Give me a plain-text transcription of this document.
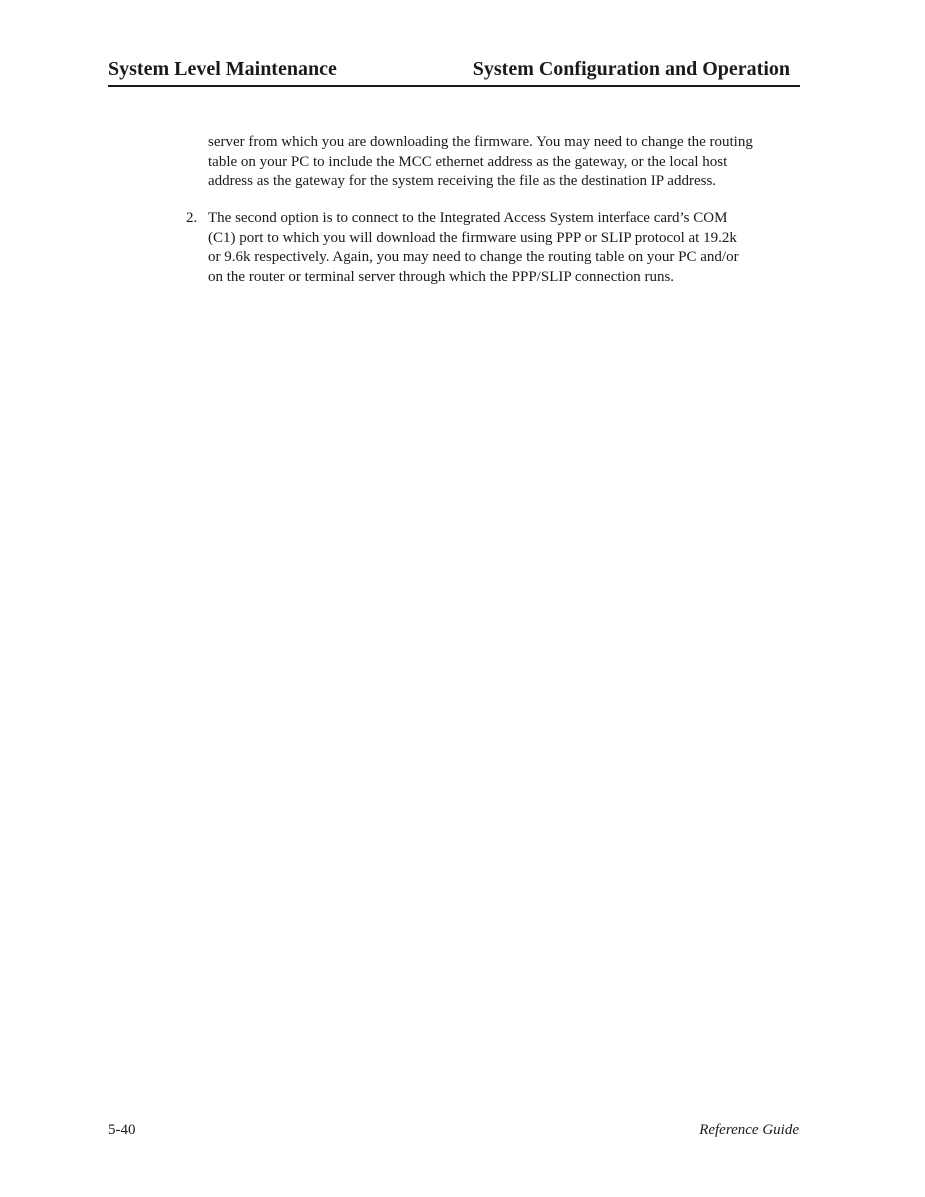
System Level Maintenance	System Configuration and Operation
server from which you are downloading the firmware. You may need to change the routing
table on your PC to include the MCC ethernet address as the gateway, or the local host
address as the gateway for the system receiving the file as the destination IP address.
2. The second option is to connect to the Integrated Access System interface card’s COM
(C1) port to which you will download the firmware using PPP or SLIP protocol at 19.2k
or 9.6k respectively. Again, you may need to change the routing table on your PC and/or
on the router or terminal server through which the PPP/SLIP connection runs.
5-40	Reference Guide
